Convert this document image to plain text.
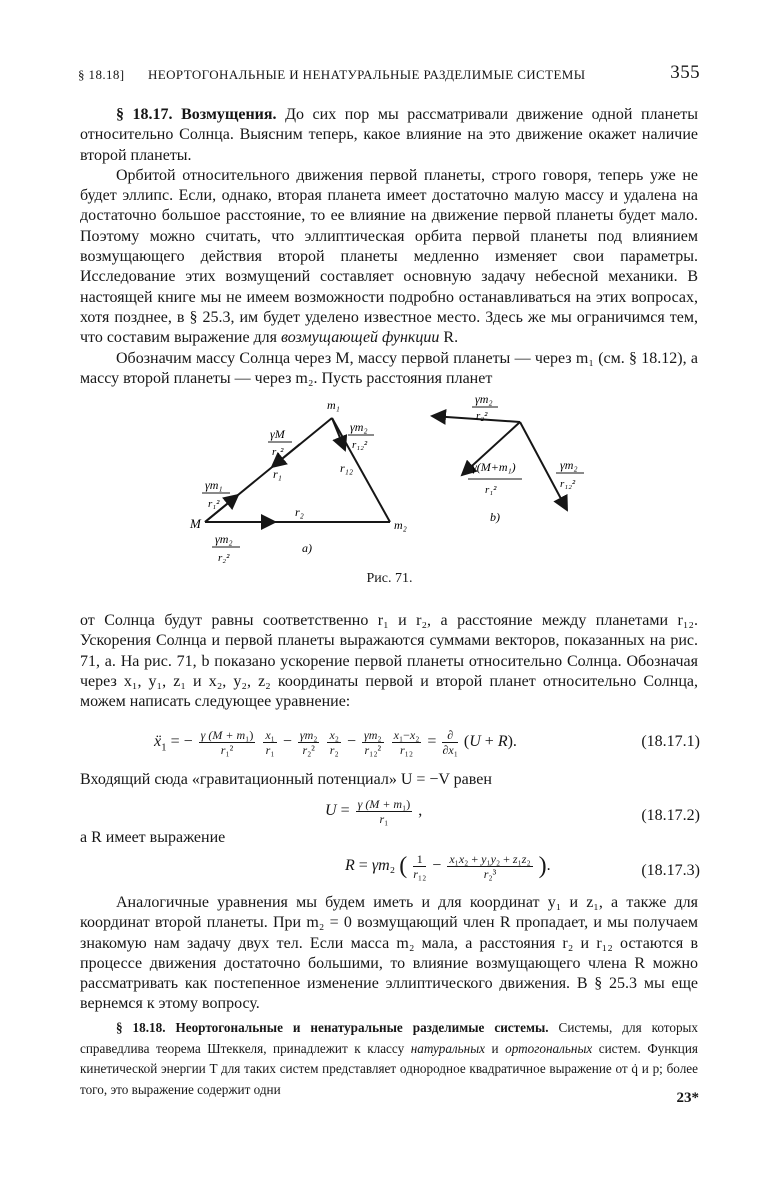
§ 18.18] НЕОРТОГОНАЛЬНЫЕ И НЕНАТУРАЛЬНЫЕ РАЗДЕЛИМЫЕ СИСТЕМЫ	355

§ 18.17. Возмущения. До сих пор мы рассматривали движение одной планеты относительно Солнца. Выясним теперь, какое влияние на это движение окажет наличие второй планеты.

Орбитой относительного движения первой планеты, строго говоря, теперь уже не будет эллипс. Если, однако, вторая планета имеет достаточно малую массу и удалена на достаточно большое расстояние, то ее влияние на движение первой планеты будет мало. Поэтому можно считать, что эллиптическая орбита первой планеты под влиянием возмущающего действия второй планеты медленно изменяет свои параметры. Исследование этих возмущений составляет основную задачу небесной механики. В настоящей книге мы не имеем возможности подробно останавливаться на этих вопросах, хотя позднее, в § 25.3, им будет уделено известное место. Здесь же мы ограничимся тем, что составим выражение для возмущающей функции R.

Обозначим массу Солнца через M, массу первой планеты — через m₁ (см. § 18.12), а массу второй планеты — через m₂. Пусть расстояния планет

m₁
m₂
M
r₁
r₂
r₁₂
γM
r₁²
γm₂
r₁₂²
γm₁
r₁²
γm₂
r₂²
a)
γm₂
r₂²
γ(M+m₁)
r₁²
γm₂
r₁₂²
b)
Рис. 71.

от Солнца будут равны соответственно r₁ и r₂, а расстояние между планетами r₁₂. Ускорения Солнца и первой планеты выражаются суммами векторов, показанных на рис. 71, a. На рис. 71, b показано ускорение первой планеты относительно Солнца. Обозначая через x₁, y₁, z₁ и x₂, y₂, z₂ координаты первой и второй планет относительно Солнца, можем написать следующее уравнение:

ẍ$_1$ = − $\frac{\text{γ (M + m₁)}}{\text{r₁²}}$
$\frac{\text{x₁}}{\text{r₁}} - \frac{\text{γm₂}}{\text{r₂²}}$
$\frac{\text{x₂}}{\text{r₂}} - \frac{\text{γm₂}}{\text{r₁₂²}}$
$\frac{\text{x₁−x₂}}{\text{r₁₂}} = \frac{\partial}{\text{∂x₁}} (U + R)$.	(18.17.1)

Входящий сюда «гравитационный потенциал» U = −V равен

$U = \frac{\text{γ (M + m₁)}}{\text{r₁}}$ ,	(18.17.2)

а R имеет выражение

R = γm₂ ( $\frac{1}{\text{r₁₂}} - \frac{\text{x₁x₂ + y₁y₂ + z₁z₂}}{\text{r₂³}}$ ).	(18.17.3)

Аналогичные уравнения мы будем иметь и для координат y₁ и z₁, а также для координат второй планеты. При m₂ = 0 возмущающий член R пропадает, и мы получаем знакомую нам задачу двух тел. Если масса m₂ мала, а расстояния r₂ и r₁₂ остаются в процессе движения достаточно большими, то влияние возмущающего члена R можно рассматривать как постепенное изменение эллиптического движения. В § 25.3 мы еще вернемся к этому вопросу.

§ 18.18. Неортогональные и ненатуральные разделимые системы. Системы, для которых справедлива теорема Штеккеля, принадлежит к классу натуральных и ортогональных систем. Функция кинетической энергии T для таких систем представляет однородное квадратичное выражение от q̇ и p; более того, это выражение содержит одни

23*
